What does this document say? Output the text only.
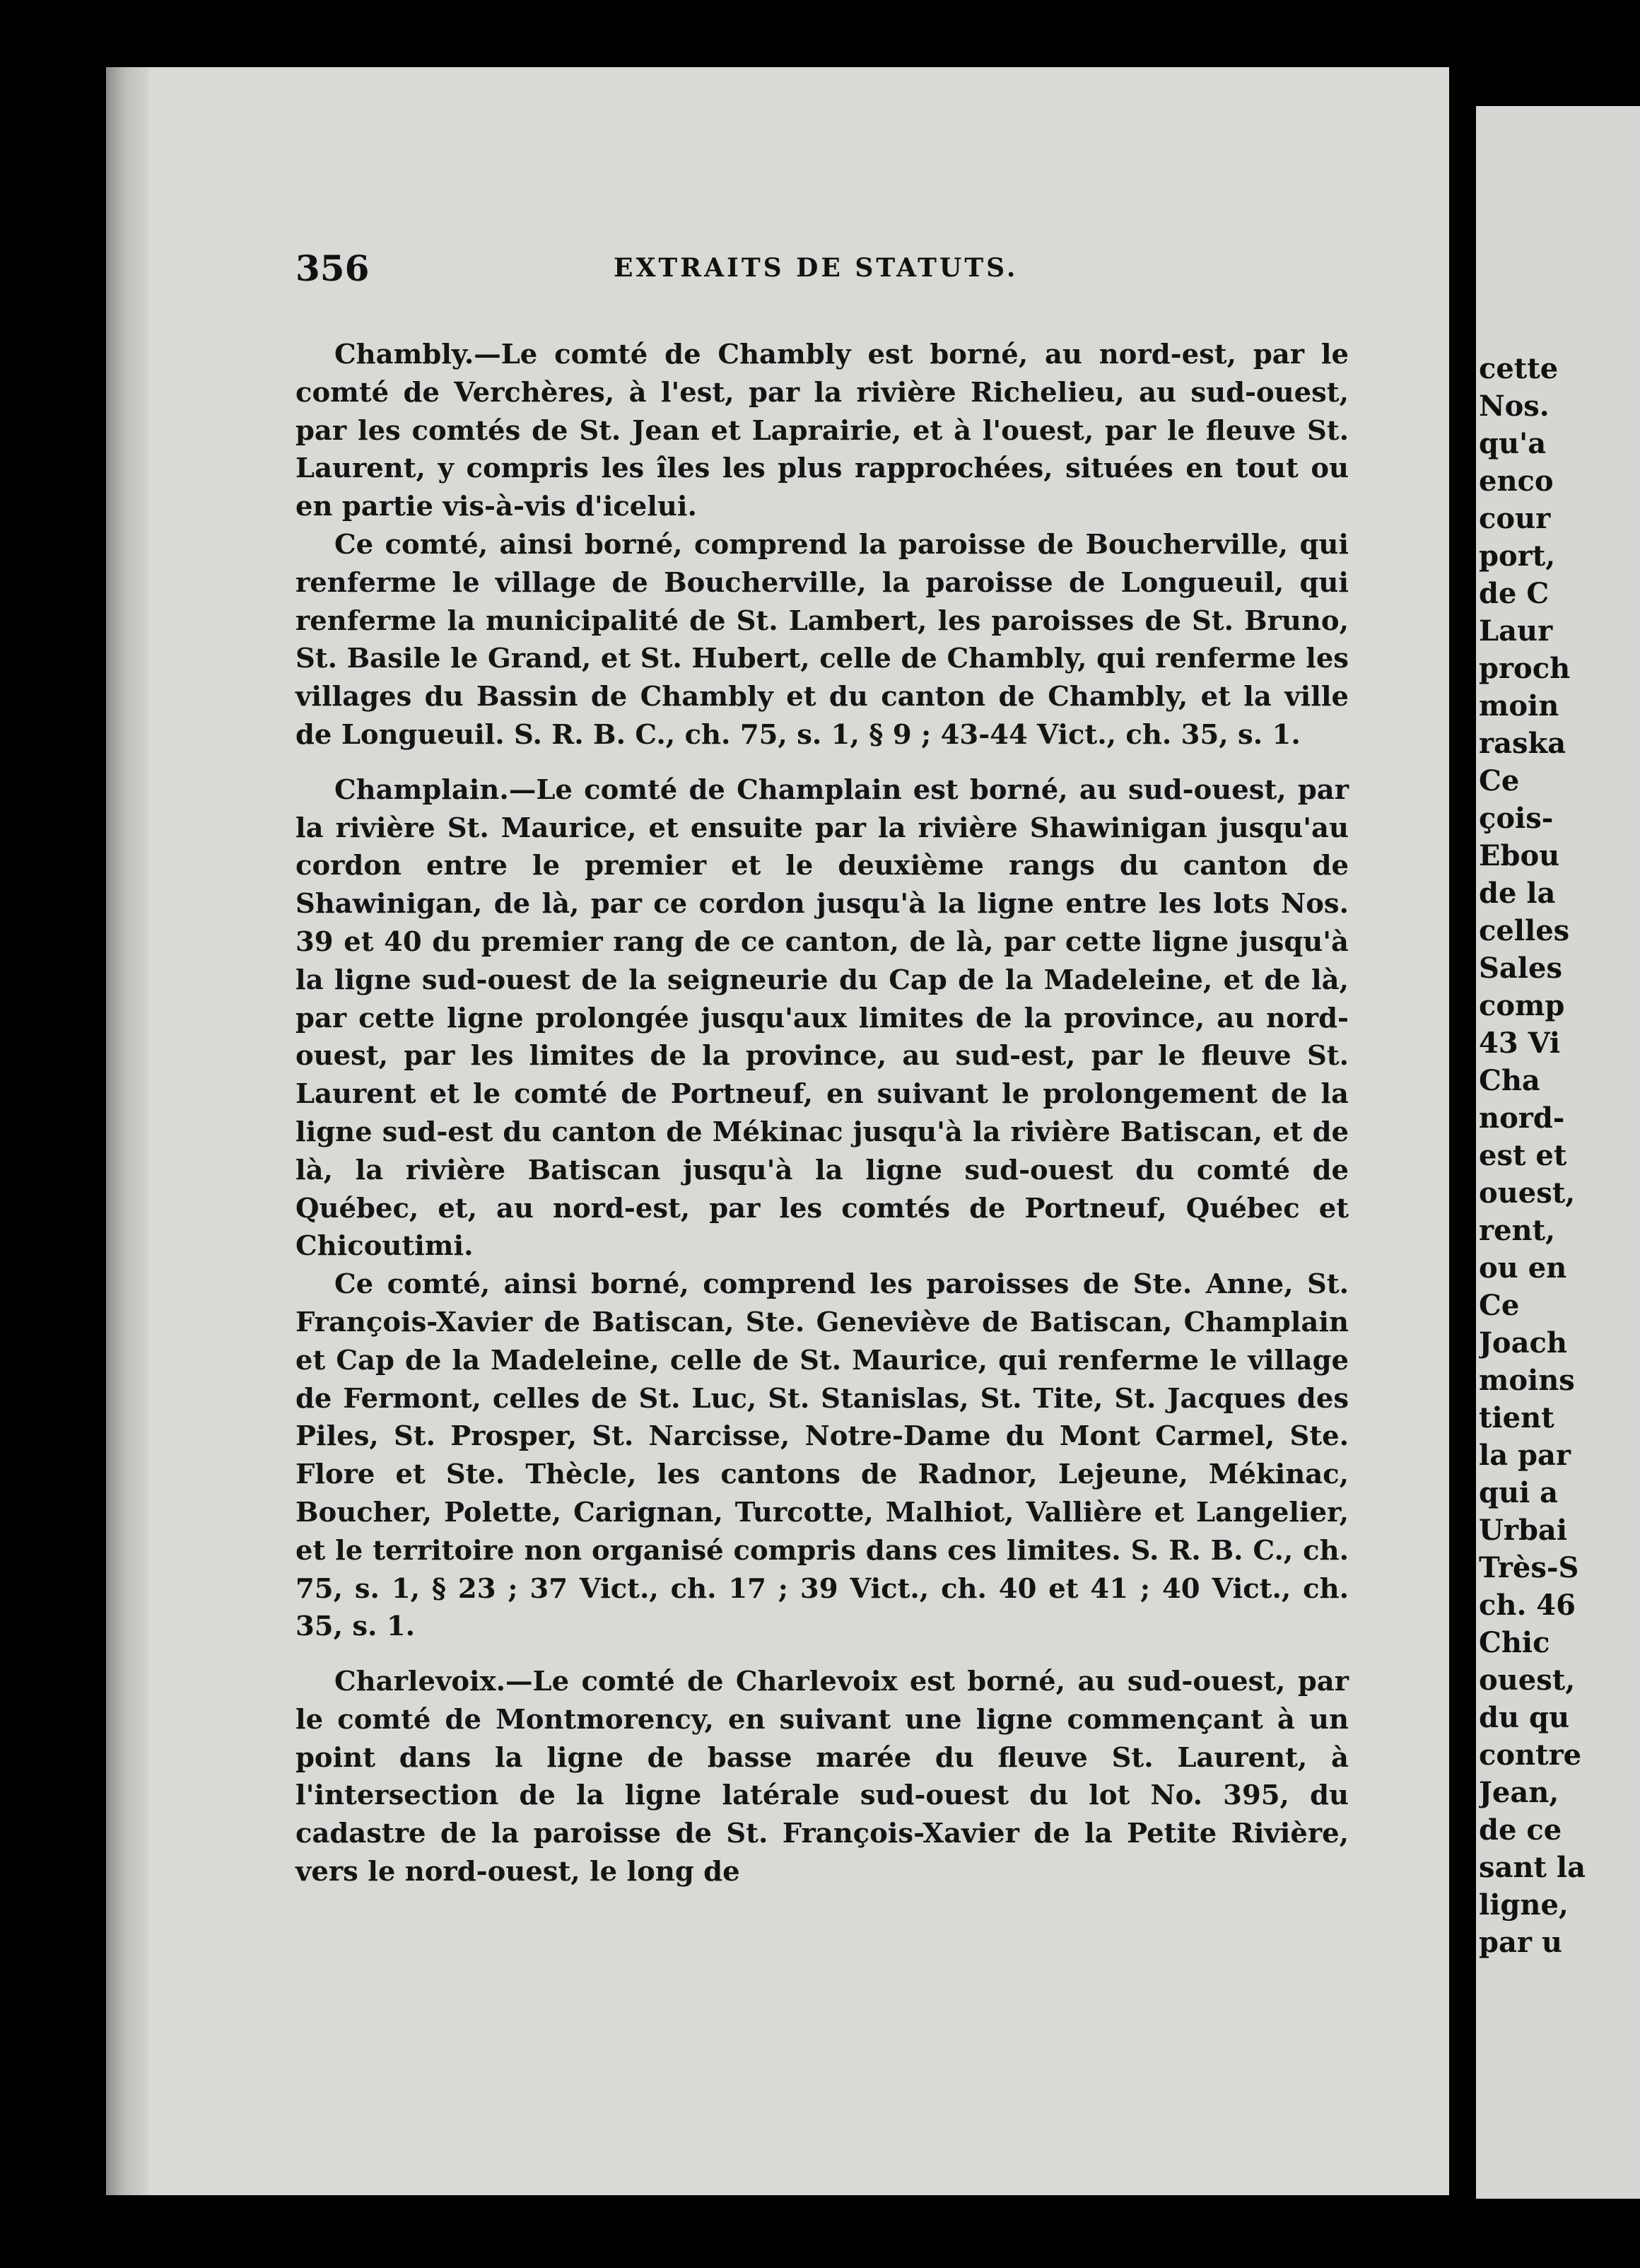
356	EXTRAITS DE STATUTS.

Chambly.—Le comté de Chambly est borné, au nord-est, par le comté de Verchères, à l'est, par la rivière Richelieu, au sud-ouest, par les comtés de St. Jean et Laprairie, et à l'ouest, par le fleuve St. Laurent, y compris les îles les plus rapprochées, situées en tout ou en partie vis-à-vis d'icelui.

Ce comté, ainsi borné, comprend la paroisse de Boucherville, qui renferme le village de Boucherville, la paroisse de Longueuil, qui renferme la municipalité de St. Lambert, les paroisses de St. Bruno, St. Basile le Grand, et St. Hubert, celle de Chambly, qui renferme les villages du Bassin de Chambly et du canton de Chambly, et la ville de Longueuil. S. R. B. C., ch. 75, s. 1, § 9 ; 43-44 Vict., ch. 35, s. 1.

Champlain.—Le comté de Champlain est borné, au sud-ouest, par la rivière St. Maurice, et ensuite par la rivière Shawinigan jusqu'au cordon entre le premier et le deuxième rangs du canton de Shawinigan, de là, par ce cordon jusqu'à la ligne entre les lots Nos. 39 et 40 du premier rang de ce canton, de là, par cette ligne jusqu'à la ligne sud-ouest de la seigneurie du Cap de la Madeleine, et de là, par cette ligne prolongée jusqu'aux limites de la province, au nord-ouest, par les limites de la province, au sud-est, par le fleuve St. Laurent et le comté de Portneuf, en suivant le prolongement de la ligne sud-est du canton de Mékinac jusqu'à la rivière Batiscan, et de là, la rivière Batiscan jusqu'à la ligne sud-ouest du comté de Québec, et, au nord-est, par les comtés de Portneuf, Québec et Chicoutimi.

Ce comté, ainsi borné, comprend les paroisses de Ste. Anne, St. François-Xavier de Batiscan, Ste. Geneviève de Batiscan, Champlain et Cap de la Madeleine, celle de St. Maurice, qui renferme le village de Fermont, celles de St. Luc, St. Stanislas, St. Tite, St. Jacques des Piles, St. Prosper, St. Narcisse, Notre-Dame du Mont Carmel, Ste. Flore et Ste. Thècle, les cantons de Radnor, Lejeune, Mékinac, Boucher, Polette, Carignan, Turcotte, Malhiot, Vallière et Langelier, et le territoire non organisé compris dans ces limites. S. R. B. C., ch. 75, s. 1, § 23 ; 37 Vict., ch. 17 ; 39 Vict., ch. 40 et 41 ; 40 Vict., ch. 35, s. 1.

Charlevoix.—Le comté de Charlevoix est borné, au sud-ouest, par le comté de Montmorency, en suivant une ligne commençant à un point dans la ligne de basse marée du fleuve St. Laurent, à l'intersection de la ligne latérale sud-ouest du lot No. 395, du cadastre de la paroisse de St. François-Xavier de la Petite Rivière, vers le nord-ouest, le long de

cette
Nos.
qu'a
enco
cour
port,
de C
Laur
proch
moin
raska
Ce
çois-
Ebou
de la
celles
Sales
comp
43 Vi
Cha
nord-
est et
ouest,
rent,
ou en
Ce
Joach
moins
tient
la par
qui a
Urbai
Très-S
ch. 46
Chic
ouest,
du qu
contre
Jean,
de ce
sant la
ligne,
par u
